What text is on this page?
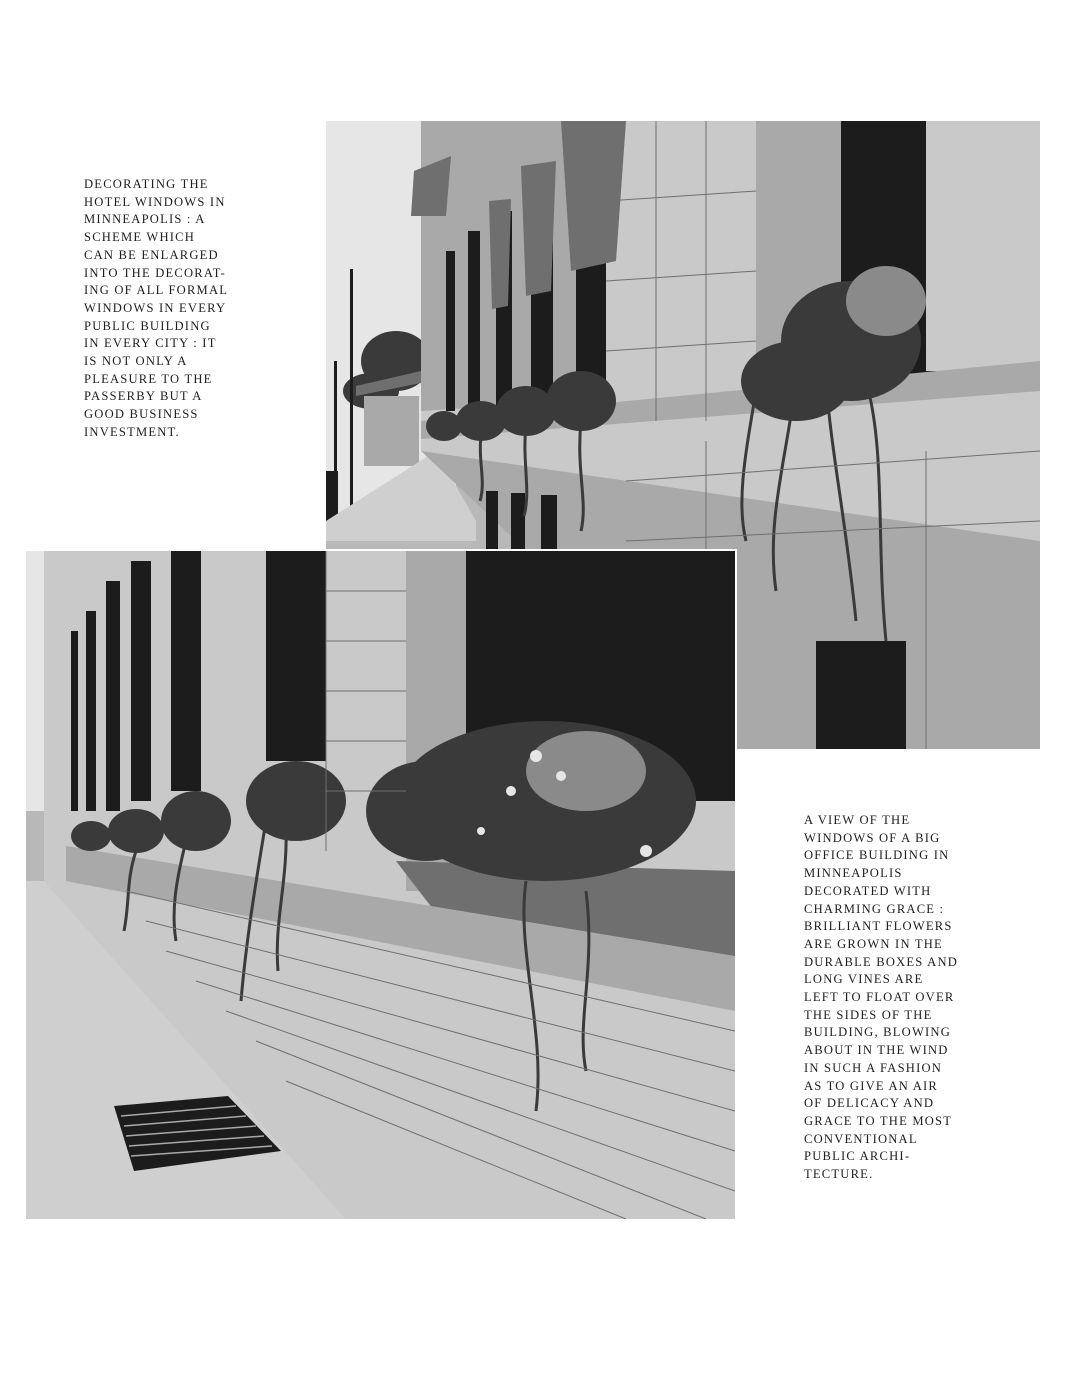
DECORATING THE
HOTEL WINDOWS IN
MINNEAPOLIS : A
SCHEME WHICH
CAN BE ENLARGED
INTO THE DECORAT-
ING OF ALL FORMAL
WINDOWS IN EVERY
PUBLIC BUILDING
IN EVERY CITY : IT
IS NOT ONLY A
PLEASURE TO THE
PASSERBY BUT A
GOOD BUSINESS
INVESTMENT.

A VIEW OF THE
WINDOWS OF A BIG
OFFICE BUILDING IN
MINNEAPOLIS
DECORATED WITH
CHARMING GRACE :
BRILLIANT FLOWERS
ARE GROWN IN THE
DURABLE BOXES AND
LONG VINES ARE
LEFT TO FLOAT OVER
THE SIDES OF THE
BUILDING, BLOWING
ABOUT IN THE WIND
IN SUCH A FASHION
AS TO GIVE AN AIR
OF DELICACY AND
GRACE TO THE MOST
CONVENTIONAL
PUBLIC ARCHI-
TECTURE.
